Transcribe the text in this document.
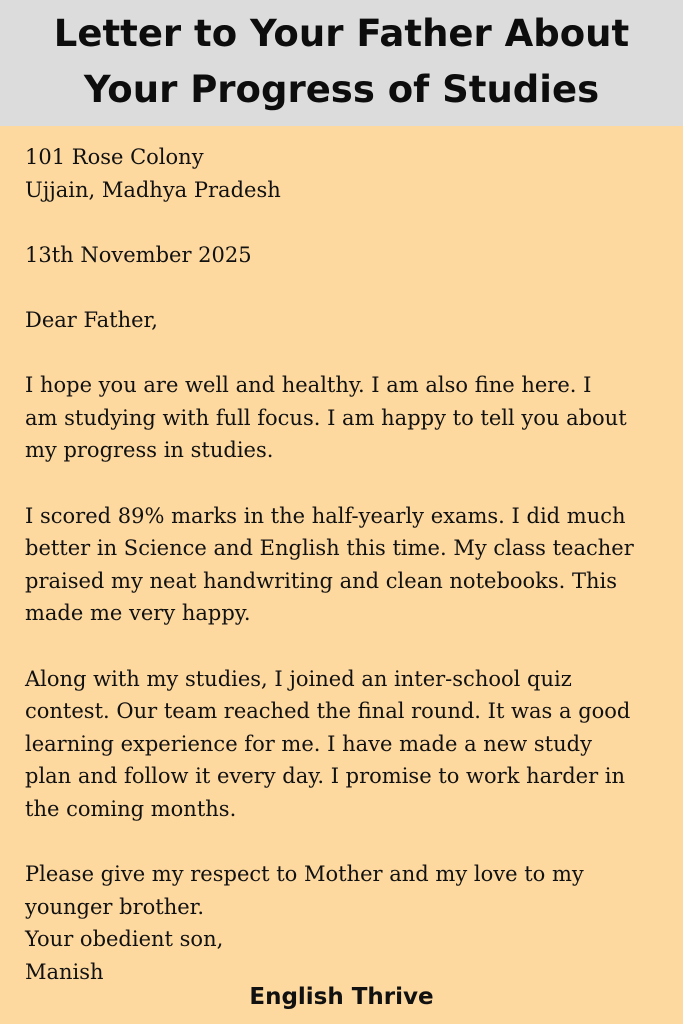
Letter to Your Father About
Your Progress of Studies
101 Rose Colony
Ujjain, Madhya Pradesh
13th November 2025
Dear Father,
I hope you are well and healthy. I am also fine here. I
am studying with full focus. I am happy to tell you about
my progress in studies.
I scored 89% marks in the half-yearly exams. I did much
better in Science and English this time. My class teacher
praised my neat handwriting and clean notebooks. This
made me very happy.
Along with my studies, I joined an inter-school quiz
contest. Our team reached the final round. It was a good
learning experience for me. I have made a new study
plan and follow it every day. I promise to work harder in
the coming months.
Please give my respect to Mother and my love to my
younger brother.
Your obedient son,
Manish
English Thrive
